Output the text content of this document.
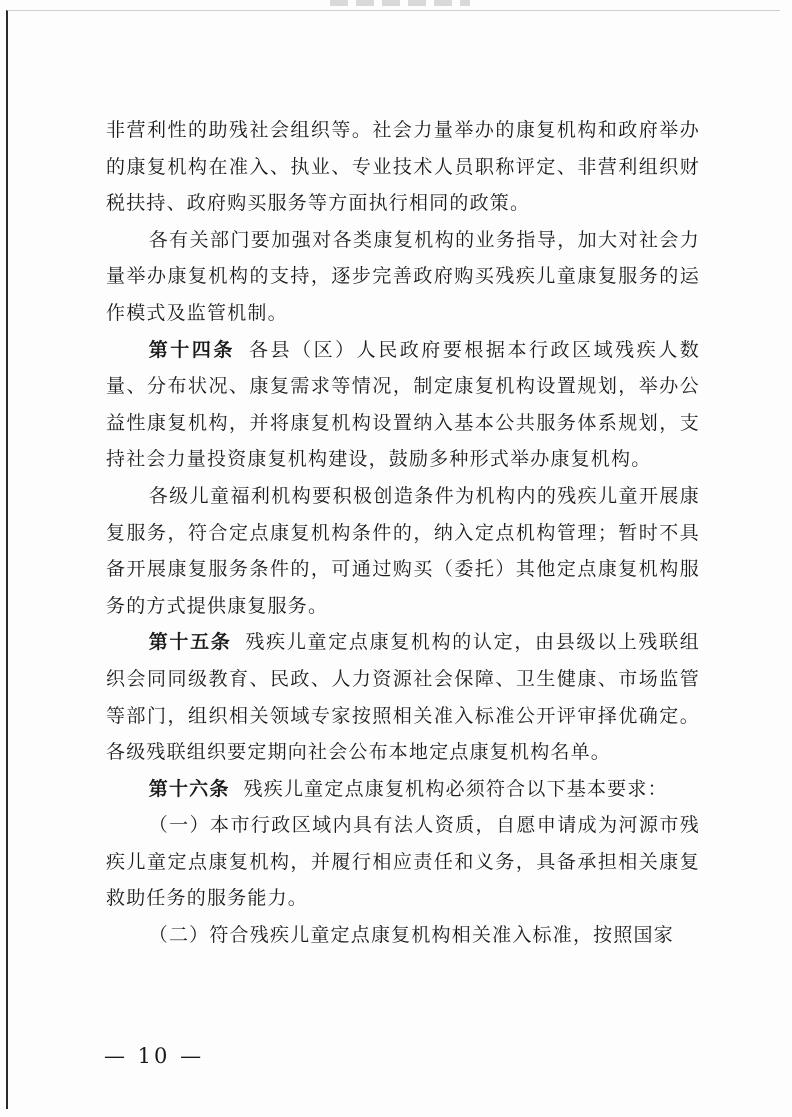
非营利性的助残社会组织等。社会力量举办的康复机构和政府举办的康复机构在准入、执业、专业技术人员职称评定、非营利组织财税扶持、政府购买服务等方面执行相同的政策。

各有关部门要加强对各类康复机构的业务指导，加大对社会力量举办康复机构的支持，逐步完善政府购买残疾儿童康复服务的运作模式及监管机制。

第十四条 各县（区）人民政府要根据本行政区域残疾人数量、分布状况、康复需求等情况，制定康复机构设置规划，举办公益性康复机构，并将康复机构设置纳入基本公共服务体系规划，支持社会力量投资康复机构建设，鼓励多种形式举办康复机构。

各级儿童福利机构要积极创造条件为机构内的残疾儿童开展康复服务，符合定点康复机构条件的，纳入定点机构管理；暂时不具备开展康复服务条件的，可通过购买（委托）其他定点康复机构服务的方式提供康复服务。

第十五条 残疾儿童定点康复机构的认定，由县级以上残联组织会同同级教育、民政、人力资源社会保障、卫生健康、市场监管等部门，组织相关领域专家按照相关准入标准公开评审择优确定。各级残联组织要定期向社会公布本地定点康复机构名单。

第十六条 残疾儿童定点康复机构必须符合以下基本要求：

（一）本市行政区域内具有法人资质，自愿申请成为河源市残疾儿童定点康复机构，并履行相应责任和义务，具备承担相关康复救助任务的服务能力。

（二）符合残疾儿童定点康复机构相关准入标准，按照国家

— 10 —
